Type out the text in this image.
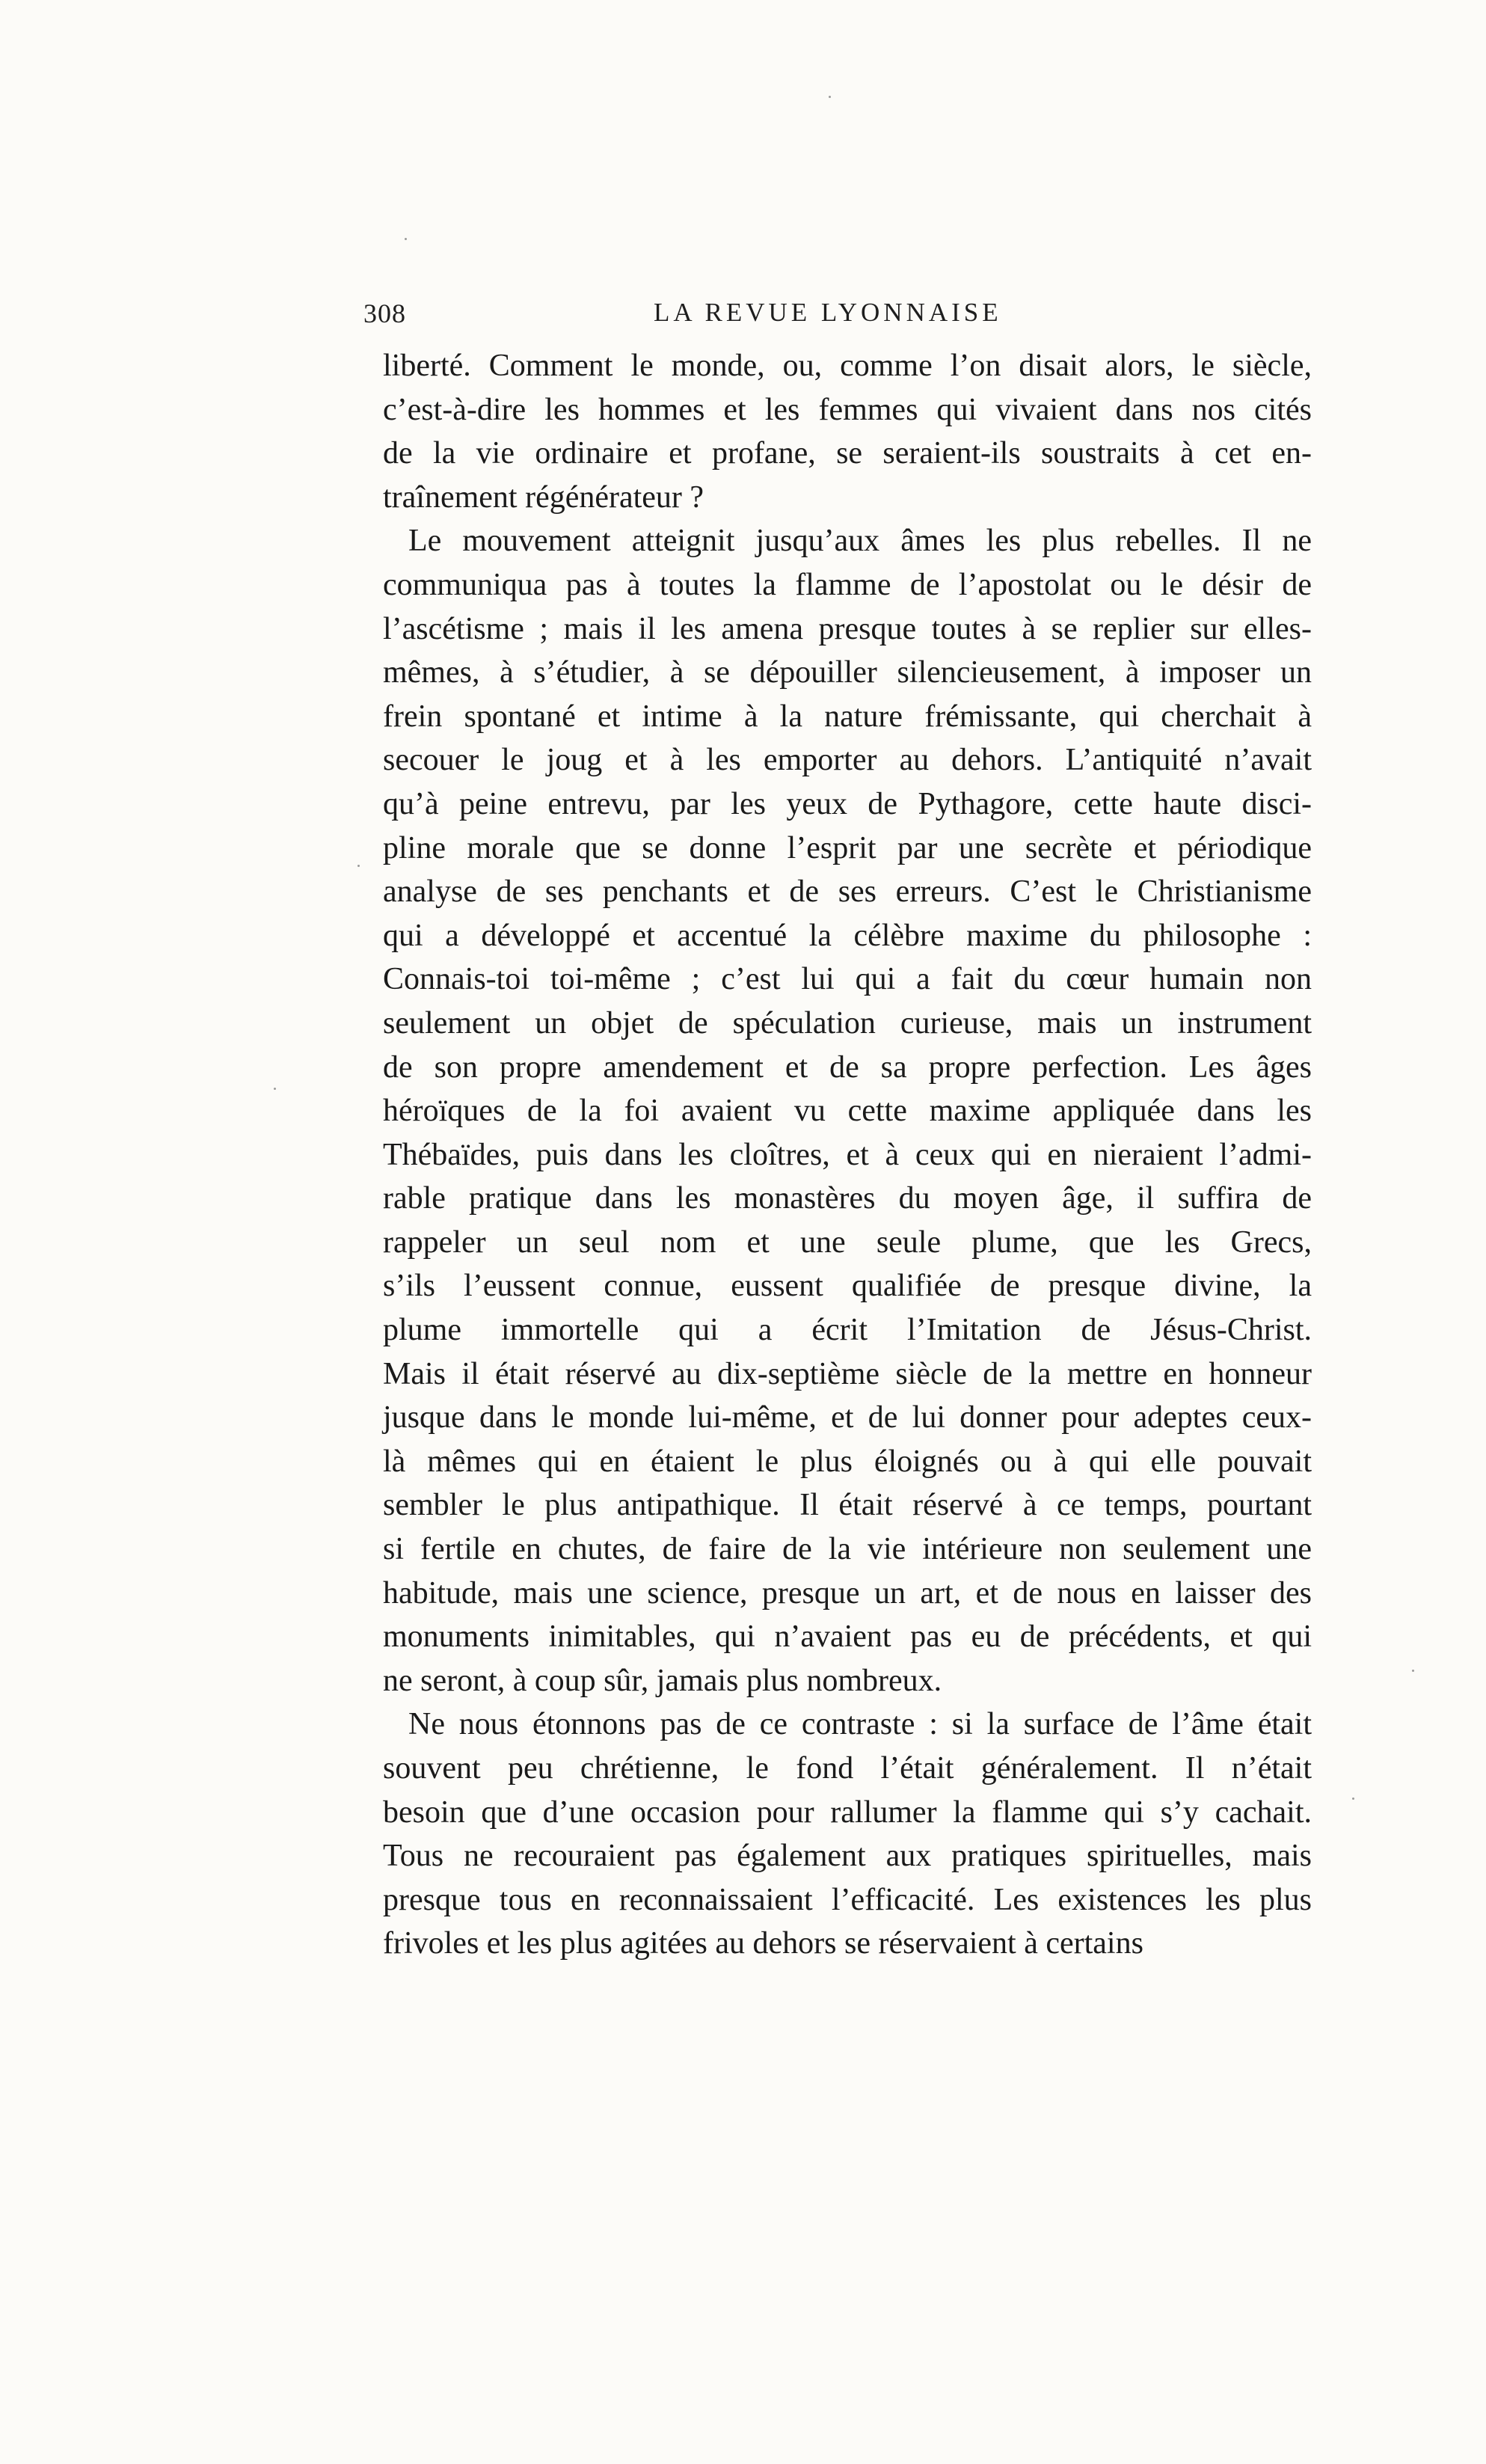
308	LA REVUE LYONNAISE

liberté. Comment le monde, ou, comme l’on disait alors, le siècle,
c’est-à-dire les hommes et les femmes qui vivaient dans nos cités
de la vie ordinaire et profane, se seraient-ils soustraits à cet en-
traînement régénérateur ?

Le mouvement atteignit jusqu’aux âmes les plus rebelles. Il ne
communiqua pas à toutes la flamme de l’apostolat ou le désir de
l’ascétisme ; mais il les amena presque toutes à se replier sur elles-
mêmes, à s’étudier, à se dépouiller silencieusement, à imposer un
frein spontané et intime à la nature frémissante, qui cherchait à
secouer le joug et à les emporter au dehors. L’antiquité n’avait
qu’à peine entrevu, par les yeux de Pythagore, cette haute disci-
pline morale que se donne l’esprit par une secrète et périodique
analyse de ses penchants et de ses erreurs. C’est le Christianisme
qui a développé et accentué la célèbre maxime du philosophe :
Connais-toi toi-même ; c’est lui qui a fait du cœur humain non
seulement un objet de spéculation curieuse, mais un instrument
de son propre amendement et de sa propre perfection. Les âges
héroïques de la foi avaient vu cette maxime appliquée dans les
Thébaïdes, puis dans les cloîtres, et à ceux qui en nieraient l’admi-
rable pratique dans les monastères du moyen âge, il suffira de
rappeler un seul nom et une seule plume, que les Grecs,
s’ils l’eussent connue, eussent qualifiée de presque divine, la
plume immortelle qui a écrit l’Imitation de Jésus-Christ.
Mais il était réservé au dix-septième siècle de la mettre en honneur
jusque dans le monde lui-même, et de lui donner pour adeptes ceux-
là mêmes qui en étaient le plus éloignés ou à qui elle pouvait
sembler le plus antipathique. Il était réservé à ce temps, pourtant
si fertile en chutes, de faire de la vie intérieure non seulement une
habitude, mais une science, presque un art, et de nous en laisser des
monuments inimitables, qui n’avaient pas eu de précédents, et qui
ne seront, à coup sûr, jamais plus nombreux.

Ne nous étonnons pas de ce contraste : si la surface de l’âme était
souvent peu chrétienne, le fond l’était généralement. Il n’était
besoin que d’une occasion pour rallumer la flamme qui s’y cachait.
Tous ne recouraient pas également aux pratiques spirituelles, mais
presque tous en reconnaissaient l’efficacité. Les existences les plus
frivoles et les plus agitées au dehors se réservaient à certains
